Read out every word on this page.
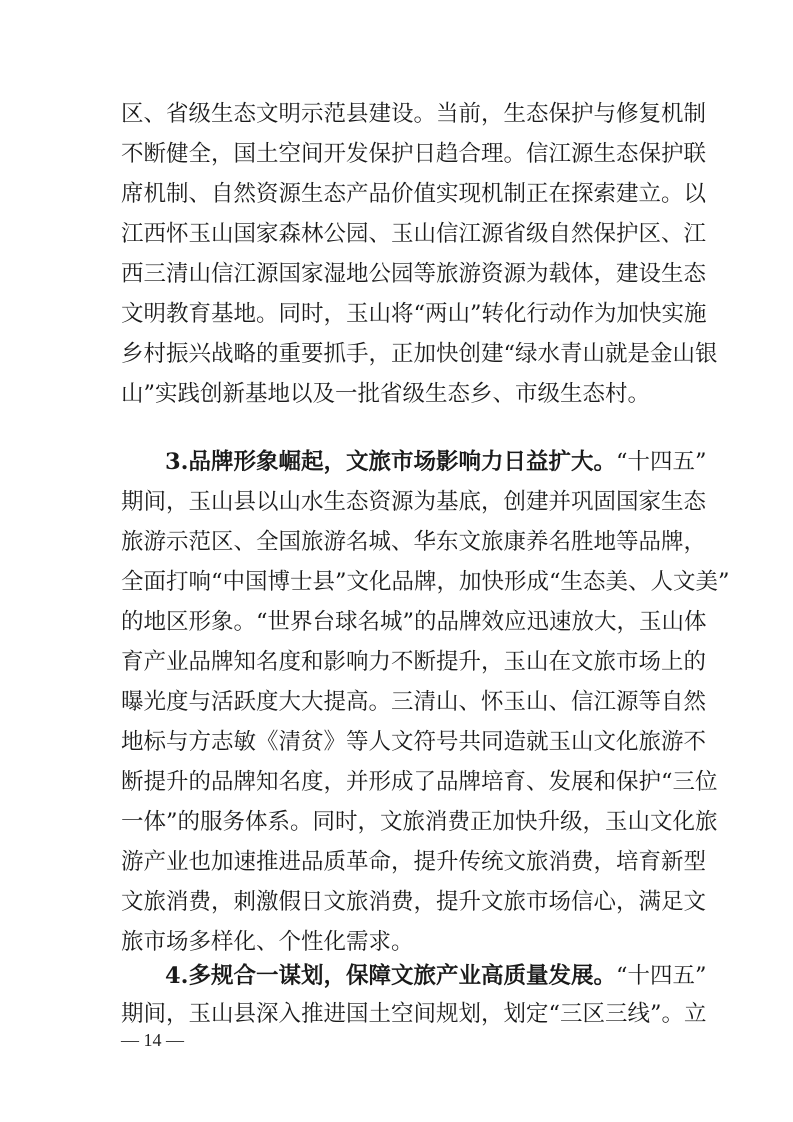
区、省级生态文明示范县建设。当前，生态保护与修复机制
不断健全，国土空间开发保护日趋合理。信江源生态保护联
席机制、自然资源生态产品价值实现机制正在探索建立。以
江西怀玉山国家森林公园、玉山信江源省级自然保护区、江
西三清山信江源国家湿地公园等旅游资源为载体，建设生态
文明教育基地。同时，玉山将“两山”转化行动作为加快实施
乡村振兴战略的重要抓手，正加快创建“绿水青山就是金山银
山”实践创新基地以及一批省级生态乡、市级生态村。
3.品牌形象崛起，文旅市场影响力日益扩大。“十四五”
期间，玉山县以山水生态资源为基底，创建并巩固国家生态
旅游示范区、全国旅游名城、华东文旅康养名胜地等品牌，
全面打响“中国博士县”文化品牌，加快形成“生态美、人文美”
的地区形象。“世界台球名城”的品牌效应迅速放大，玉山体
育产业品牌知名度和影响力不断提升，玉山在文旅市场上的
曝光度与活跃度大大提高。三清山、怀玉山、信江源等自然
地标与方志敏《清贫》等人文符号共同造就玉山文化旅游不
断提升的品牌知名度，并形成了品牌培育、发展和保护“三位
一体”的服务体系。同时，文旅消费正加快升级，玉山文化旅
游产业也加速推进品质革命，提升传统文旅消费，培育新型
文旅消费，刺激假日文旅消费，提升文旅市场信心，满足文
旅市场多样化、个性化需求。
4.多规合一谋划，保障文旅产业高质量发展。“十四五”
期间，玉山县深入推进国土空间规划，划定“三区三线”。立
— 14 —
